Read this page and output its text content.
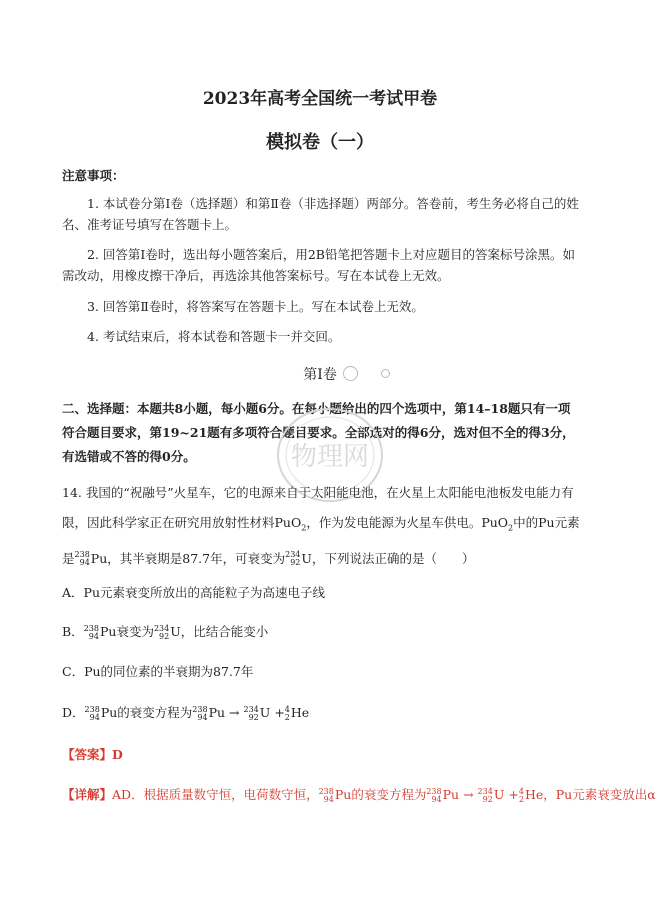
2023年高考全国统一考试甲卷
模拟卷（一）
注意事项：
1. 本试卷分第Ⅰ卷（选择题）和第Ⅱ卷（非选择题）两部分。答卷前，考生务必将自己的姓名、准考证号填写在答题卡上。
2. 回答第Ⅰ卷时，选出每小题答案后，用2B铅笔把答题卡上对应题目的答案标号涂黑。如需改动，用橡皮擦干净后，再选涂其他答案标号。写在本试卷上无效。
3. 回答第Ⅱ卷时，将答案写在答题卡上。写在本试卷上无效。
4. 考试结束后，将本试卷和答题卡一并交回。
第Ⅰ卷
二、选择题：本题共8小题，每小题6分。在每小题给出的四个选项中，第14–18题只有一项符合题目要求，第19~21题有多项符合题目要求。全部选对的得6分，选对但不全的得3分，有选错或不答的得0分。	物理网
14. 我国的“祝融号”火星车，它的电源来自于太阳能电池，在火星上太阳能电池板发电能力有限，因此科学家正在研究用放射性材料PuO$_2$，作为发电能源为火星车供电。PuO$_2$中的Pu元素是 238
94 Pu，其半衰期是87.7年，可衰变为 234
92 U，下列说法正确的是（　　）
A．Pu元素衰变所放出的高能粒子为高速电子线
B． 238
94 Pu衰变为 234
92 U，比结合能变小
C．Pu的同位素的半衰期为87.7年
D． 238
94 Pu的衰变方程为 238
94 Pu → 234
92 U + 4
2 He
【答案】D
【详解】AD．根据质量数守恒，电荷数守恒， 238
94 Pu的衰变方程为 238
94 Pu → 234
92 U + 4
2 He，Pu元素衰变放出α
